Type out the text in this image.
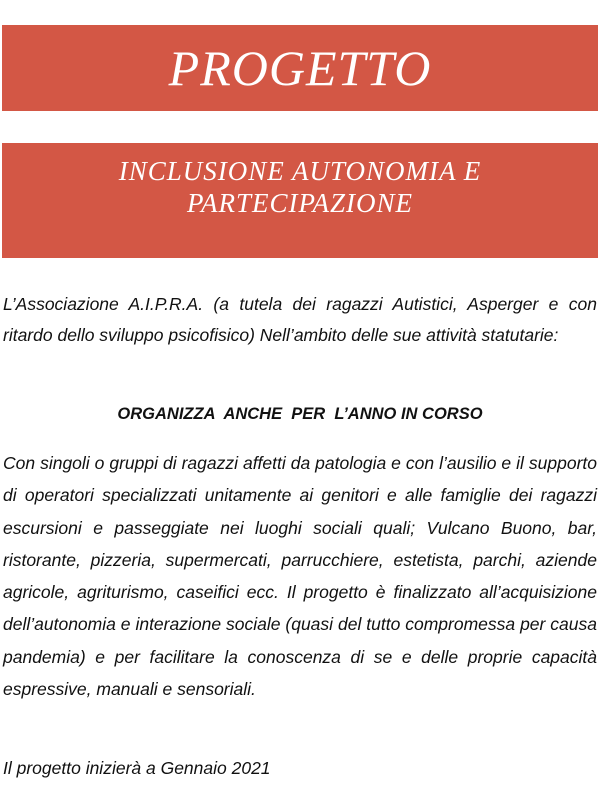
PROGETTO
INCLUSIONE AUTONOMIA E
PARTECIPAZIONE
L’Associazione A.I.P.R.A. (a tutela dei ragazzi Autistici, Asperger e con ritardo dello sviluppo psicofisico) Nell’ambito delle sue attività statutarie:
ORGANIZZA  ANCHE  PER  L’ANNO IN CORSO
Con singoli o gruppi di ragazzi affetti da patologia e con l’ausilio e il supporto di operatori specializzati unitamente ai genitori e alle famiglie dei ragazzi escursioni e passeggiate nei luoghi sociali quali; Vulcano Buono, bar, ristorante, pizzeria, supermercati, parrucchiere, estetista, parchi, aziende agricole, agriturismo, caseifici ecc. Il progetto è finalizzato all’acquisizione dell’autonomia e interazione sociale (quasi del tutto compromessa per causa pandemia) e per facilitare la conoscenza di se e delle proprie capacità espressive, manuali e sensoriali.
Il progetto inizierà a Gennaio 2021
